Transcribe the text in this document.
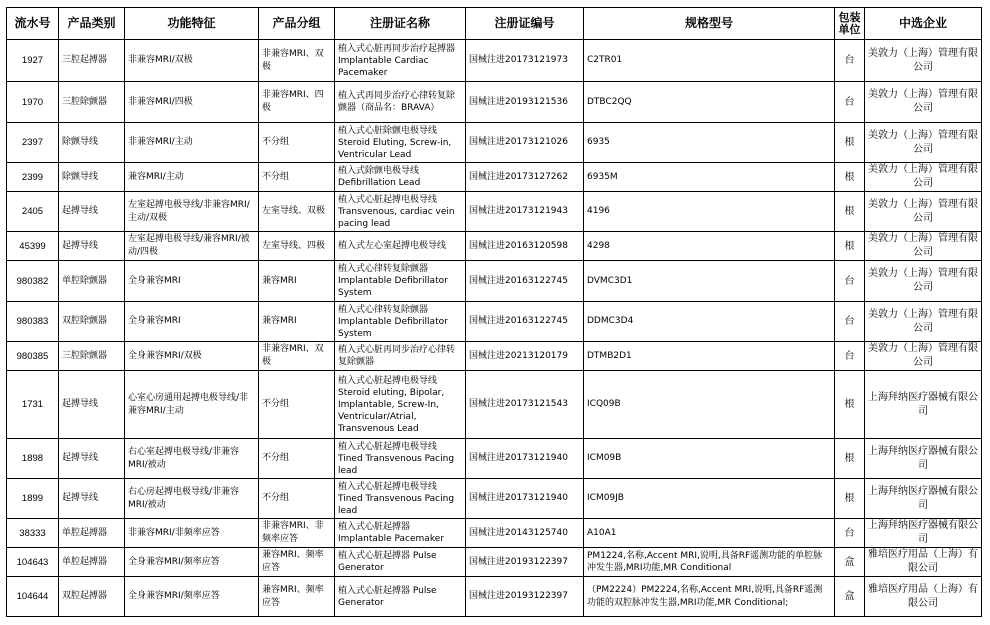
流水号	产品类别	功能特征	产品分组	注册证名称	注册证编号	规格型号	包装单位	中选企业
1927	三腔起搏器	非兼容MRI/双极	非兼容MRI、双极	植入式心脏再同步治疗起搏器Implantable Cardiac Pacemaker	国械注进20173121973	C2TR01	台	美敦力（上海）管理有限公司
1970	三腔除颤器	非兼容MRI/四极	非兼容MRI、四极	植入式再同步治疗心律转复除颤器（商品名：BRAVA）	国械注进20193121536	DTBC2QQ	台	美敦力（上海）管理有限公司
2397	除颤导线	非兼容MRI/主动	不分组	植入式心脏除颤电极导线 Steroid Eluting, Screw-in, Ventricular Lead	国械注进20173121026	6935	根	美敦力（上海）管理有限公司
2399	除颤导线	兼容MRI/主动	不分组	植入式除颤电极导线 Defibrillation Lead	国械注进20173127262	6935M	根	美敦力（上海）管理有限公司
2405	起搏导线	左室起搏电极导线/非兼容MRI/主动/双极	左室导线、双极	植入式心脏起搏电极导线 Transvenous, cardiac vein pacing lead	国械注进20173121943	4196	根	美敦力（上海）管理有限公司
45399	起搏导线	左室起搏电极导线/兼容MRI/被动/四极	左室导线、四极	植入式左心室起搏电极导线	国械注进20163120598	4298	根	美敦力（上海）管理有限公司
980382	单腔除颤器	全身兼容MRI	兼容MRI	植入式心律转复除颤器 Implantable Defibrillator System	国械注进20163122745	DVMC3D1	台	美敦力（上海）管理有限公司
980383	双腔除颤器	全身兼容MRI	兼容MRI	植入式心律转复除颤器 Implantable Defibrillator System	国械注进20163122745	DDMC3D4	台	美敦力（上海）管理有限公司
980385	三腔除颤器	全身兼容MRI/双极	非兼容MRI、双极	植入式心脏再同步治疗心律转复除颤器	国械注进20213120179	DTMB2D1	台	美敦力（上海）管理有限公司
1731	起搏导线	心室心房通用起搏电极导线/非兼容MRI/主动	不分组	植入式心脏起搏电极导线 Steroid eluting, Bipolar, Implantable, Screw-In, Ventricular/Atrial, Transvenous Lead	国械注进20173121543	ICQ09B	根	上海拜纳医疗器械有限公司
1898	起搏导线	右心室起搏电极导线/非兼容MRI/被动	不分组	植入式心脏起搏电极导线 Tined Transvenous Pacing lead	国械注进20173121940	ICM09B	根	上海拜纳医疗器械有限公司
1899	起搏导线	右心房起搏电极导线/非兼容MRI/被动	不分组	植入式心脏起搏电极导线 Tined Transvenous Pacing lead	国械注进20173121940	ICM09JB	根	上海拜纳医疗器械有限公司
38333	单腔起搏器	非兼容MRI/非频率应答	非兼容MRI、非频率应答	植入式心脏起搏器 Implantable Pacemaker	国械注进20143125740	A10A1	台	上海拜纳医疗器械有限公司
104643	单腔起搏器	全身兼容MRI/频率应答	兼容MRI、频率应答	植入式心脏起搏器 Pulse Generator	国械注进20193122397	PM1224,名称,Accent MRI,说明,具备RF遥测功能的单腔脉冲发生器,MRI功能,MR Conditional	盒	雅培医疗用品（上海）有限公司
104644	双腔起搏器	全身兼容MRI/频率应答	兼容MRI、频率应答	植入式心脏起搏器 Pulse Generator	国械注进20193122397	（PM2224）PM2224,名称,Accent MRI,说明,具备RF遥测功能的双腔脉冲发生器,MRI功能,MR Conditional;	盒	雅培医疗用品（上海）有限公司
